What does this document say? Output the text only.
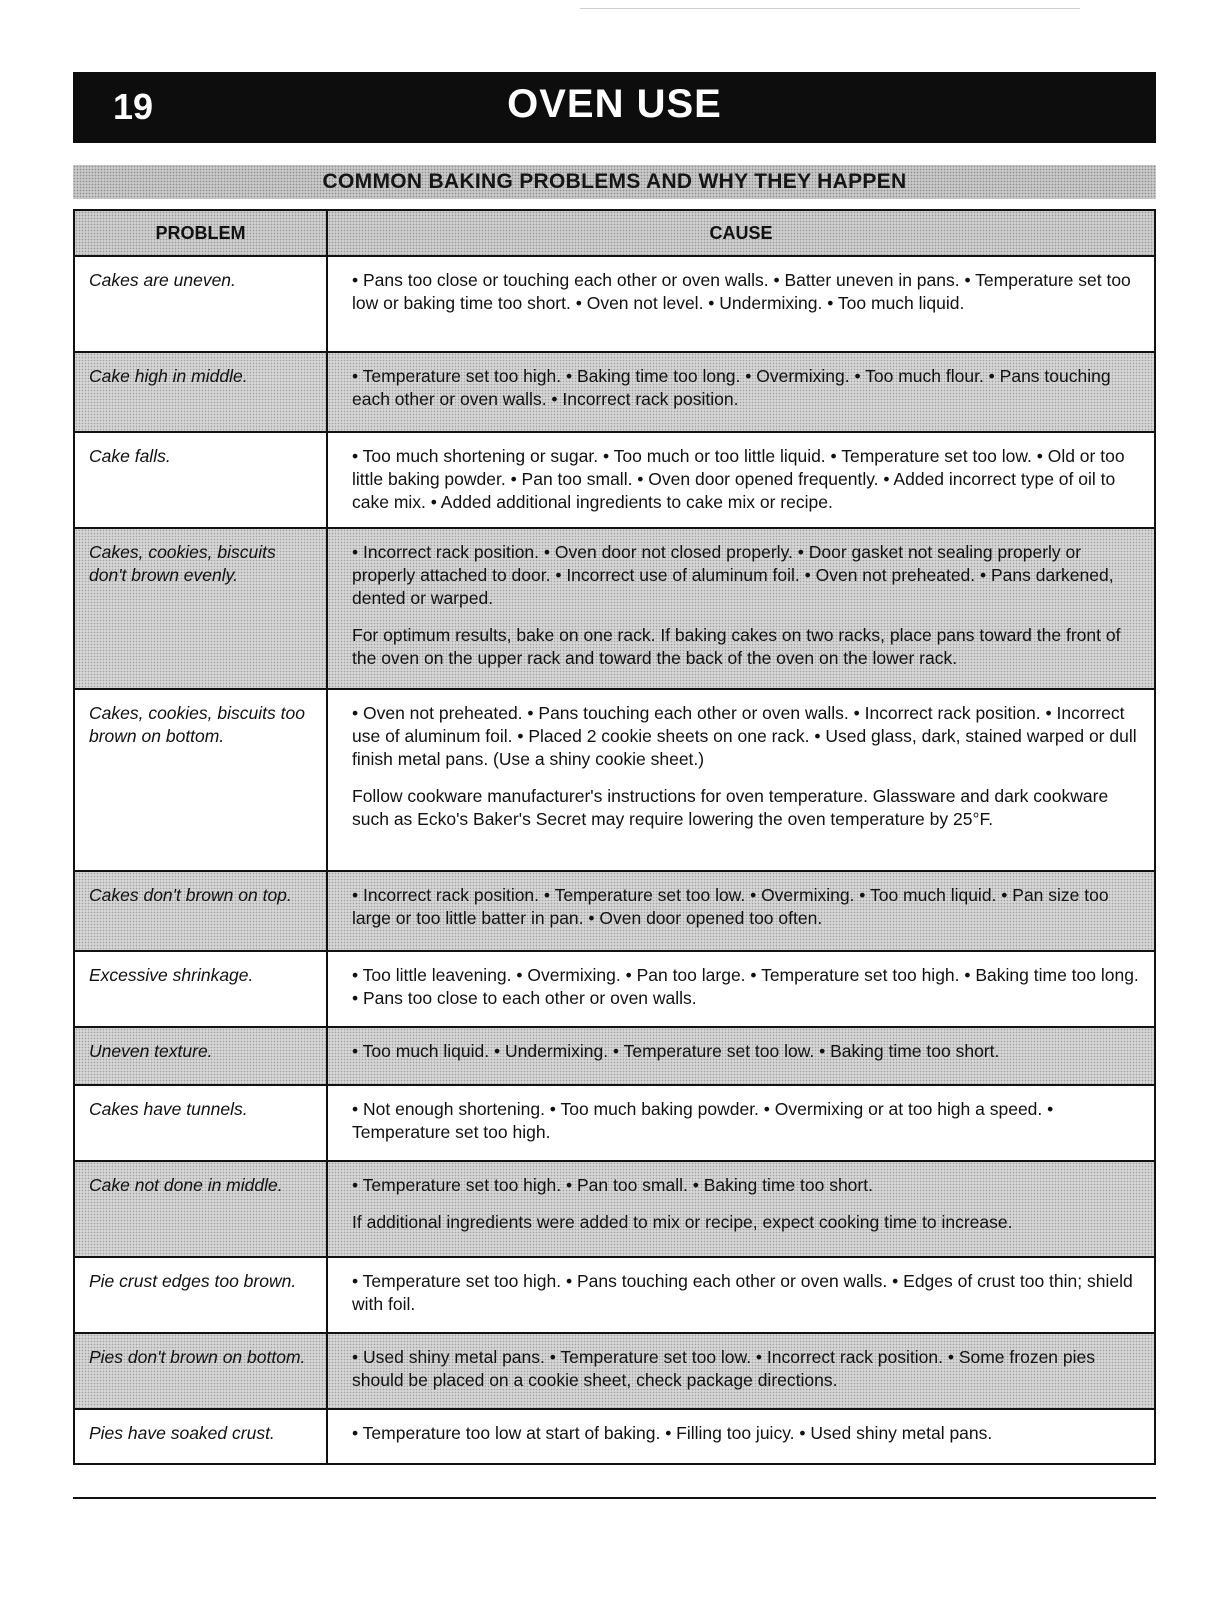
19	OVEN USE
COMMON BAKING PROBLEMS AND WHY THEY HAPPEN
PROBLEM	CAUSE
Cakes are uneven.	• Pans too close or touching each other or oven walls. • Batter uneven in pans. • Temperature set too low or baking time too short. • Oven not level. • Undermixing. • Too much liquid.

Cake high in middle.	• Temperature set too high. • Baking time too long. • Overmixing. • Too much flour. • Pans touching each other or oven walls. • Incorrect rack position.

Cake falls.	• Too much shortening or sugar. • Too much or too little liquid. • Temperature set too low. • Old or too little baking powder. • Pan too small. • Oven door opened frequently. • Added incorrect type of oil to cake mix. • Added additional ingredients to cake mix or recipe.

Cakes, cookies, biscuits don't brown evenly.	• Incorrect rack position. • Oven door not closed properly. • Door gasket not sealing properly or properly attached to door. • Incorrect use of aluminum foil. • Oven not preheated. • Pans darkened, dented or warped.

For optimum results, bake on one rack. If baking cakes on two racks, place pans toward the front of the oven on the upper rack and toward the back of the oven on the lower rack.

Cakes, cookies, biscuits too brown on bottom.	• Oven not preheated. • Pans touching each other or oven walls. • Incorrect rack position. • Incorrect use of aluminum foil. • Placed 2 cookie sheets on one rack. • Used glass, dark, stained warped or dull finish metal pans. (Use a shiny cookie sheet.)

Follow cookware manufacturer's instructions for oven temperature. Glassware and dark cookware such as Ecko's Baker's Secret may require lowering the oven temperature by 25°F.

Cakes don't brown on top.	• Incorrect rack position. • Temperature set too low. • Overmixing. • Too much liquid. • Pan size too large or too little batter in pan. • Oven door opened too often.

Excessive shrinkage.	• Too little leavening. • Overmixing. • Pan too large. • Temperature set too high. • Baking time too long. • Pans too close to each other or oven walls.

Uneven texture.	• Too much liquid. • Undermixing. • Temperature set too low. • Baking time too short.

Cakes have tunnels.	• Not enough shortening. • Too much baking powder. • Overmixing or at too high a speed. • Temperature set too high.

Cake not done in middle.	• Temperature set too high. • Pan too small. • Baking time too short.

If additional ingredients were added to mix or recipe, expect cooking time to increase.

Pie crust edges too brown.	• Temperature set too high. • Pans touching each other or oven walls. • Edges of crust too thin; shield with foil.

Pies don't brown on bottom.	• Used shiny metal pans. • Temperature set too low. • Incorrect rack position. • Some frozen pies should be placed on a cookie sheet, check package directions.

Pies have soaked crust.	• Temperature too low at start of baking. • Filling too juicy. • Used shiny metal pans.
